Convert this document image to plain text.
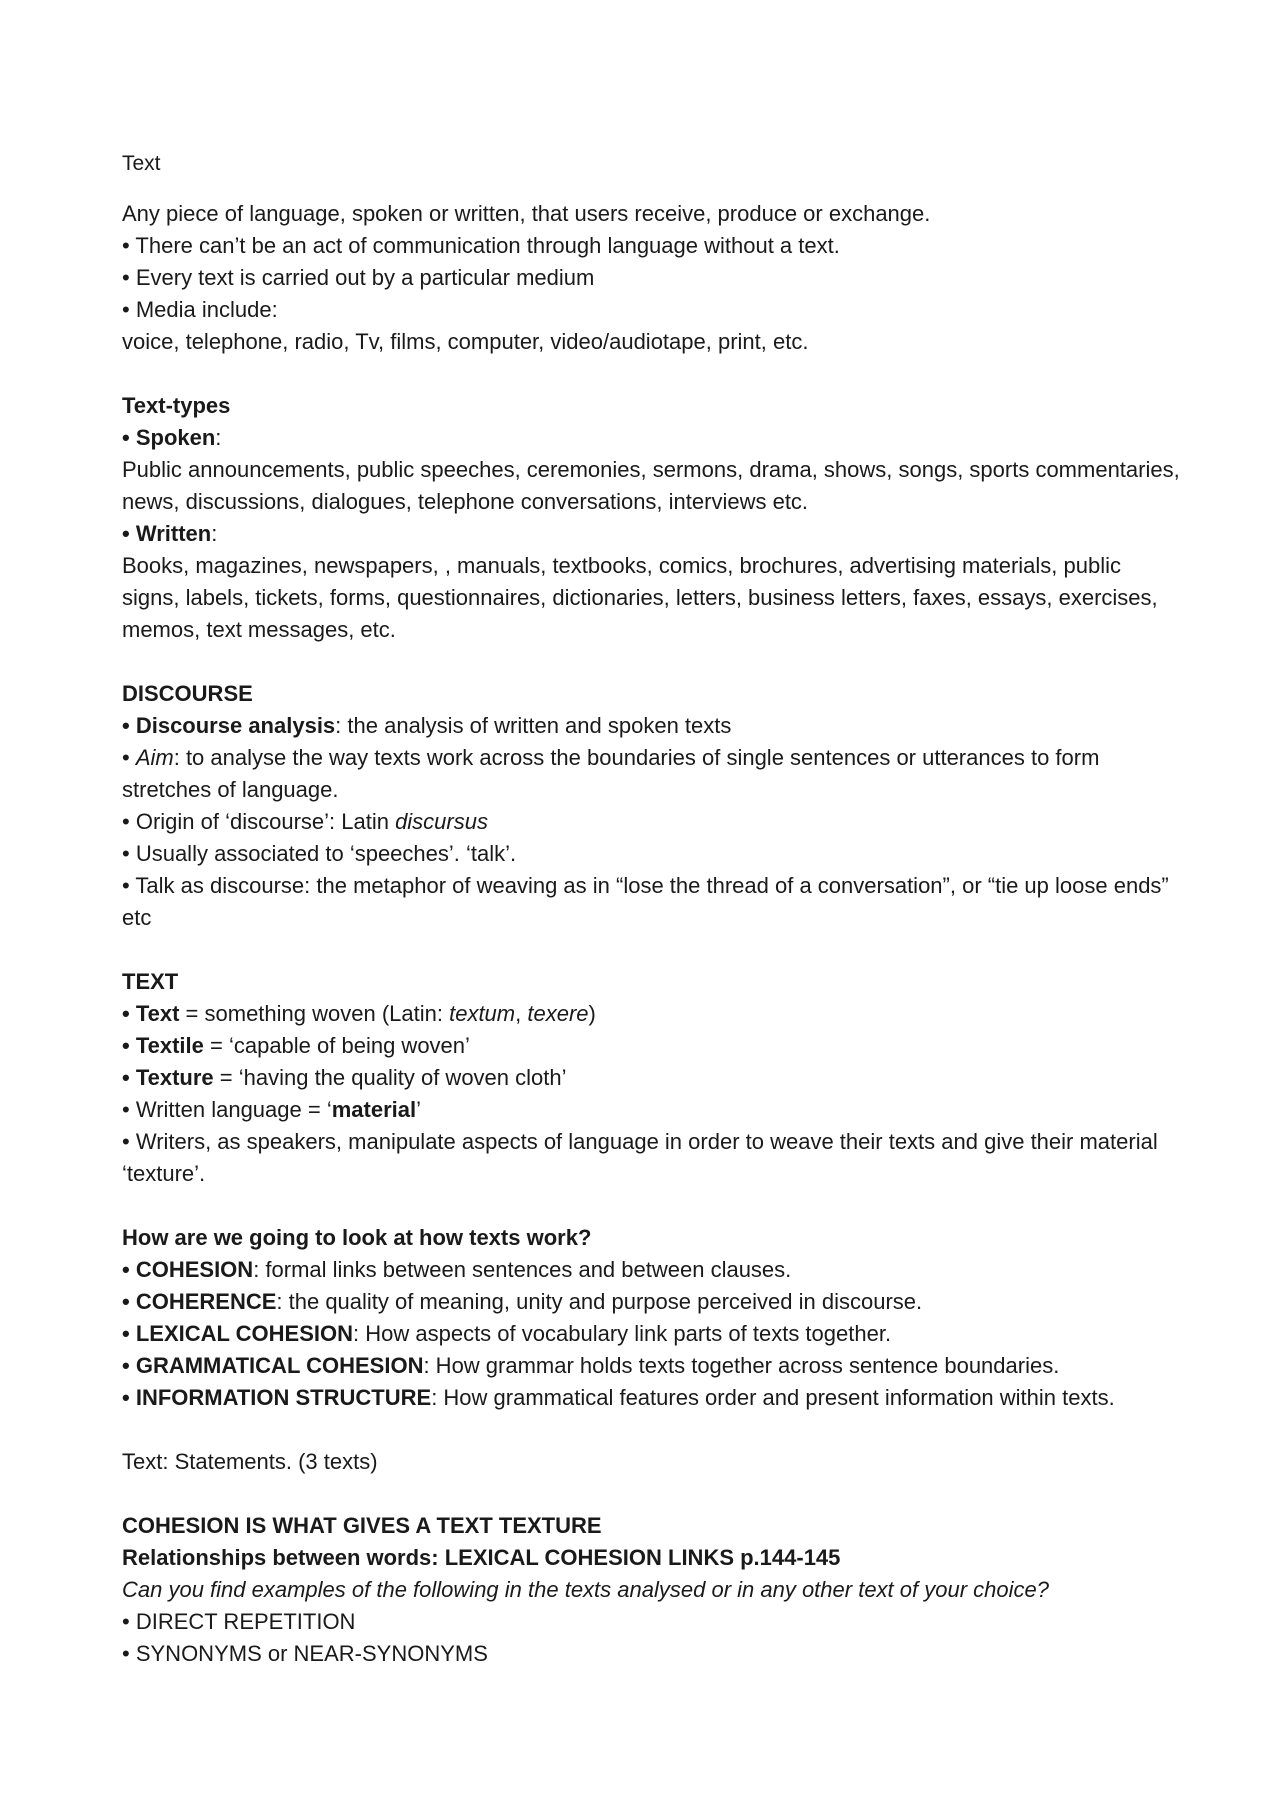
Text

Any piece of language, spoken or written, that users receive, produce or exchange.

• There can’t be an act of communication through language without a text.

• Every text is carried out by a particular medium

• Media include:

voice, telephone, radio, Tv, films, computer, video/audiotape, print, etc.

Text-types

• Spoken:

Public announcements, public speeches, ceremonies, sermons, drama, shows, songs, sports commentaries, news, discussions, dialogues, telephone conversations, interviews etc.

• Written:

Books, magazines, newspapers, , manuals, textbooks, comics, brochures, advertising materials, public signs, labels, tickets, forms, questionnaires, dictionaries, letters, business letters, faxes, essays, exercises, memos, text messages, etc.

DISCOURSE

• Discourse analysis: the analysis of written and spoken texts

• Aim: to analyse the way texts work across the boundaries of single sentences or utterances to form stretches of language.

• Origin of ‘discourse’: Latin discursus

• Usually associated to ‘speeches’. ‘talk’.

• Talk as discourse: the metaphor of weaving as in “lose the thread of a conversation”, or “tie up loose ends” etc

TEXT

• Text = something woven (Latin: textum, texere)

• Textile = ‘capable of being woven’

• Texture = ‘having the quality of woven cloth’

• Written language = ‘material’

• Writers, as speakers, manipulate aspects of language in order to weave their texts and give their material ‘texture’.

How are we going to look at how texts work?

• COHESION: formal links between sentences and between clauses.

• COHERENCE: the quality of meaning, unity and purpose perceived in discourse.

• LEXICAL COHESION: How aspects of vocabulary link parts of texts together.

• GRAMMATICAL COHESION: How grammar holds texts together across sentence boundaries.

• INFORMATION STRUCTURE: How grammatical features order and present information within texts.

Text: Statements. (3 texts)

COHESION IS WHAT GIVES A TEXT TEXTURE

Relationships between words: LEXICAL COHESION LINKS p.144-145

Can you find examples of the following in the texts analysed or in any other text of your choice?

• DIRECT REPETITION

• SYNONYMS or NEAR-SYNONYMS
